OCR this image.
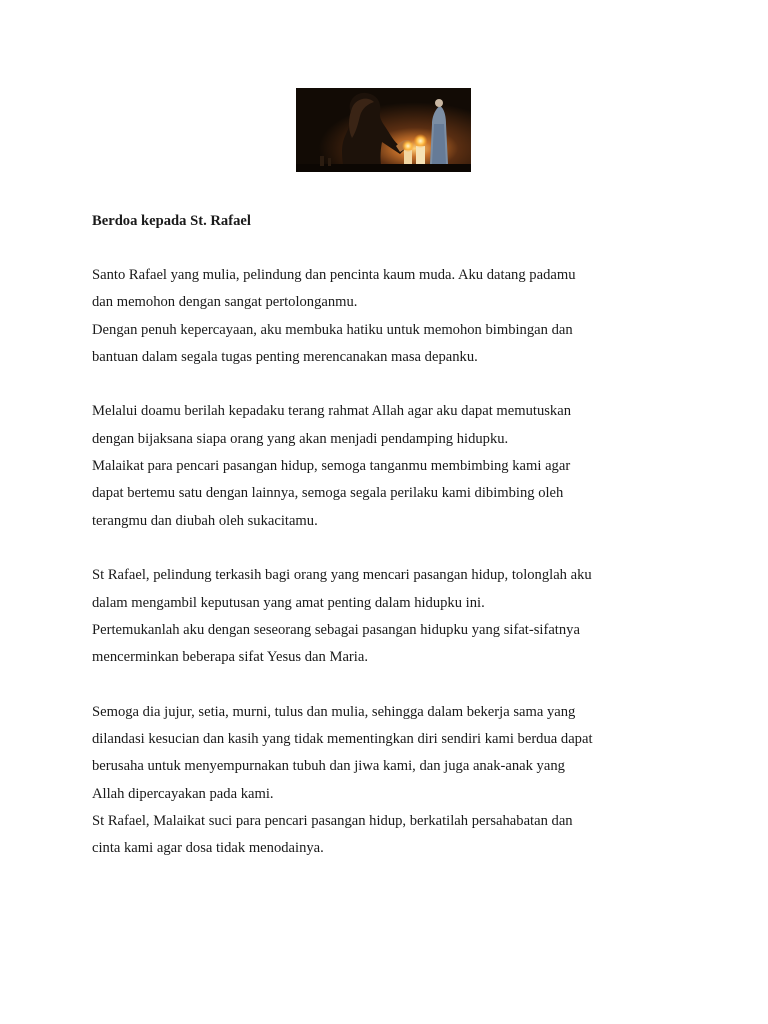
Berdoa kepada St. Rafael
Santo Rafael yang mulia, pelindung dan pencinta kaum muda. Aku datang padamu
dan memohon dengan sangat pertolonganmu.
Dengan penuh kepercayaan, aku membuka hatiku untuk memohon bimbingan dan
bantuan dalam segala tugas penting merencanakan masa depanku.
Melalui doamu berilah kepadaku terang rahmat Allah agar aku dapat memutuskan
dengan bijaksana siapa orang yang akan menjadi pendamping hidupku.
Malaikat para pencari pasangan hidup, semoga tanganmu membimbing kami agar
dapat bertemu satu dengan lainnya, semoga segala perilaku kami dibimbing oleh
terangmu dan diubah oleh sukacitamu.
St Rafael, pelindung terkasih bagi orang yang mencari pasangan hidup, tolonglah aku
dalam mengambil keputusan yang amat penting dalam hidupku ini.
Pertemukanlah aku dengan seseorang sebagai pasangan hidupku yang sifat-sifatnya
mencerminkan beberapa sifat Yesus dan Maria.
Semoga dia jujur, setia, murni, tulus dan mulia, sehingga dalam bekerja sama yang
dilandasi kesucian dan kasih yang tidak mementingkan diri sendiri kami berdua dapat
berusaha untuk menyempurnakan tubuh dan jiwa kami, dan juga anak-anak yang
Allah dipercayakan pada kami.
St Rafael, Malaikat suci para pencari pasangan hidup, berkatilah persahabatan dan
cinta kami agar dosa tidak menodainya.
